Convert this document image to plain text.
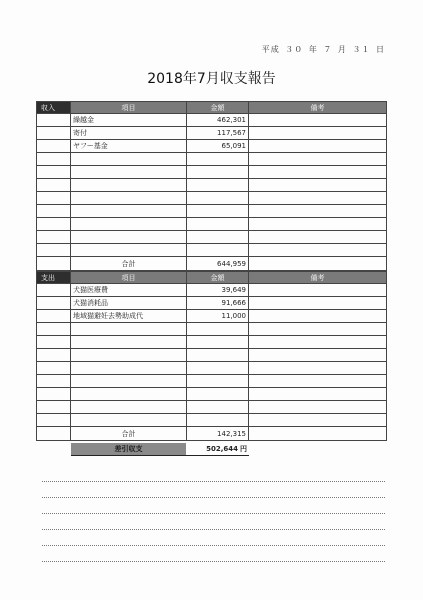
平成 ３０ 年 ７ 月 ３１ 日
2018年7月収支報告
収入	項目	金額	備考
	繰越金	462,301	
	寄付	117,567	
	ヤフー基金	65,091	

	合計	644,959	
支出	項目	金額	備考
	犬猫医療費	39,649	
	犬猫消耗品	91,666	
	地域猫避妊去勢助成代	11,000	

	合計	142,315	
差引収支	502,644 円
